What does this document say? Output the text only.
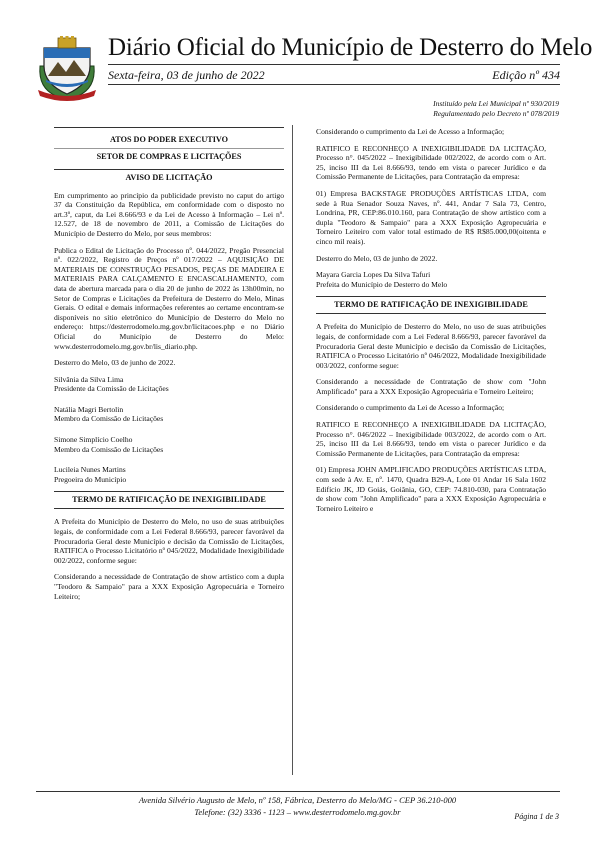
Diário Oficial do Município de Desterro do Melo
Sexta-feira, 03 de junho de 2022	Edição nº 434
Instituído pela Lei Municipal nº 930/2019
Regulamentado pelo Decreto nº 078/2019
ATOS DO PODER EXECUTIVO
SETOR DE COMPRAS E LICITAÇÕES
AVISO DE LICITAÇÃO

Em cumprimento ao princípio da publicidade previsto no caput do artigo 37 da Constituição da República, em conformidade com o disposto no art.3º, caput, da Lei 8.666/93 e da Lei de Acesso à Informação – Lei nº. 12.527, de 18 de novembro de 2011, a Comissão de Licitações do Município de Desterro do Melo, por seus membros:

Publica o Edital de Licitação do Processo nº. 044/2022, Pregão Presencial nº. 022/2022, Registro de Preços nº 017/2022 – AQUISIÇÃO DE MATERIAIS DE CONSTRUÇÃO PESADOS, PEÇAS DE MADEIRA E MATERIAIS PARA CALÇAMENTO E ENCASCALHAMENTO, com data de abertura marcada para o dia 20 de junho de 2022 às 13h00min, no Setor de Compras e Licitações da Prefeitura de Desterro do Melo, Minas Gerais. O edital e demais informações referentes ao certame encontram-se disponíveis no sítio eletrônico do Município de Desterro do Melo no endereço: https://desterrodomelo.mg.gov.br/licitacoes.php e no Diário Oficial do Município de Desterro do Melo: www.desterrodomelo.mg.gov.br/lis_diario.php.

Desterro do Melo, 03 de junho de 2022.

Silvânia da Silva Lima
Presidente da Comissão de Licitações
Natália Magri Bertolin
Membro da Comissão de Licitações
Simone Simplício Coelho
Membro da Comissão de Licitações
Lucileia Nunes Martins
Pregoeira do Município
TERMO DE RATIFICAÇÃO DE INEXIGIBILIDADE

A Prefeita do Município de Desterro do Melo, no uso de suas atribuições legais, de conformidade com a Lei Federal 8.666/93, parecer favorável da Procuradoria Geral deste Município e decisão da Comissão de Licitações, RATIFICA o Processo Licitatório nº 045/2022, Modalidade Inexigibilidade 002/2022, conforme segue:

Considerando a necessidade de Contratação de show artístico com a dupla "Teodoro & Sampaio" para a XXX Exposição Agropecuária e Torneiro Leiteiro;

Considerando o cumprimento da Lei de Acesso a Informação;

RATIFICO E RECONHEÇO A INEXIGIBILIDADE DA LICITAÇÃO, Processo n°. 045/2022 – Inexigibilidade 002/2022, de acordo com o Art. 25, inciso III da Lei 8.666/93, tendo em vista o parecer Jurídico e da Comissão Permanente de Licitações, para Contratação da empresa:

01) Empresa BACKSTAGE PRODUÇÕES ARTÍSTICAS LTDA, com sede à Rua Senador Souza Naves, nº. 441, Andar 7 Sala 73, Centro, Londrina, PR, CEP:86.010.160, para Contratação de show artístico com a dupla "Teodoro & Sampaio" para a XXX Exposição Agropecuária e Torneiro Leiteiro com valor total estimado de R$ R$85.000,00(oitenta e cinco mil reais).

Desterro do Melo, 03 de junho de 2022.

Mayara Garcia Lopes Da Silva Tafuri
Prefeita do Município de Desterro do Melo
TERMO DE RATIFICAÇÃO DE INEXIGIBILIDADE

A Prefeita do Município de Desterro do Melo, no uso de suas atribuições legais, de conformidade com a Lei Federal 8.666/93, parecer favorável da Procuradoria Geral deste Município e decisão da Comissão de Licitações, RATIFICA o Processo Licitatório nº 046/2022, Modalidade Inexigibilidade 003/2022, conforme segue:

Considerando a necessidade de Contratação de show com "John Amplificado" para a XXX Exposição Agropecuária e Torneiro Leiteiro;

Considerando o cumprimento da Lei de Acesso a Informação;

RATIFICO E RECONHEÇO A INEXIGIBILIDADE DA LICITAÇÃO, Processo n°. 046/2022 – Inexigibilidade 003/2022, de acordo com o Art. 25, inciso III da Lei 8.666/93, tendo em vista o parecer Jurídico e da Comissão Permanente de Licitações, para Contratação da empresa:

01) Empresa JOHN AMPLIFICADO PRODUÇÕES ARTÍSTICAS LTDA, com sede à Av. E, nº. 1470, Quadra B29-A, Lote 01 Andar 16 Sala 1602 Edifício JK, JD Goiás, Goiânia, GO, CEP: 74.810-030, para Contratação de show com "John Amplificado" para a XXX Exposição Agropecuária e Torneiro Leiteiro e

Avenida Silvério Augusto de Melo, nº 158, Fábrica, Desterro do Melo/MG - CEP 36.210-000
Telefone: (32) 3336 - 1123 – www.desterrodomelo.mg.gov.br	Página 1 de 3
